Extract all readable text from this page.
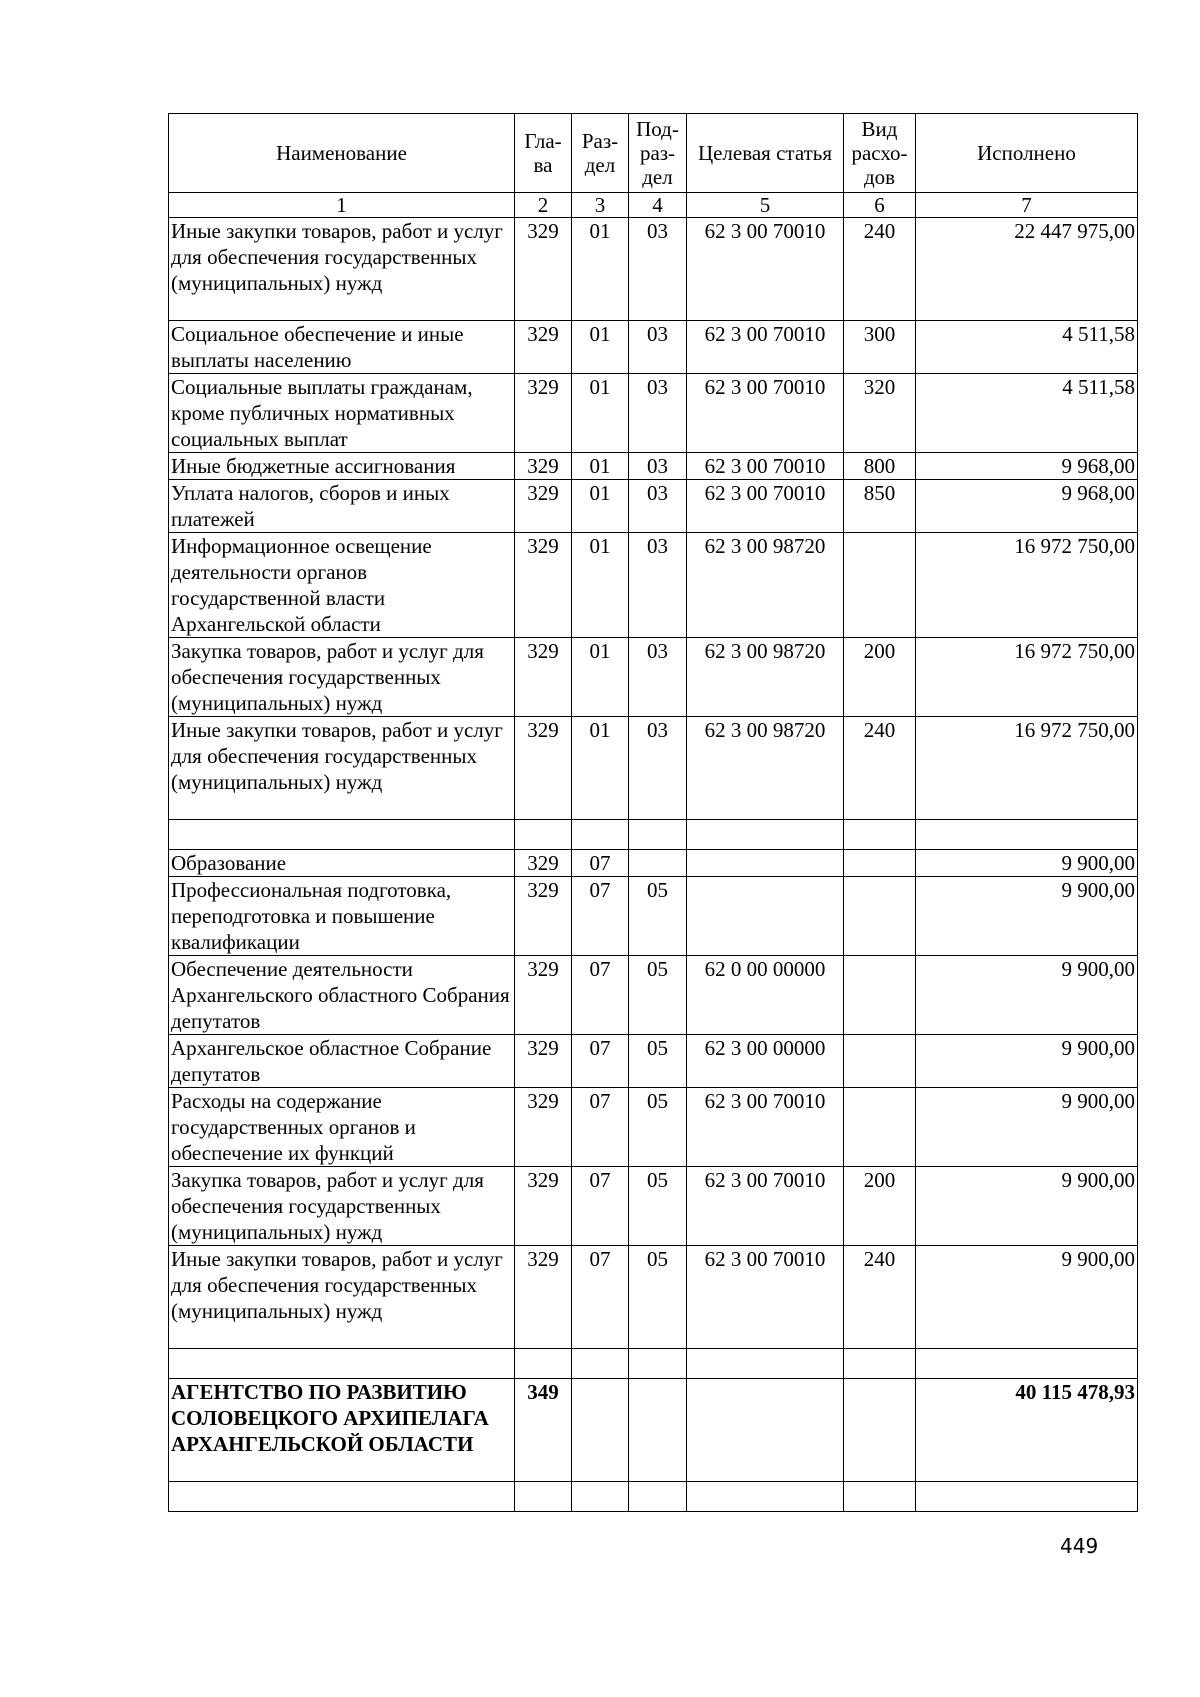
Наименование	Гла-ва	Раз-дел	Под-раз-дел	Целевая статья	Вид расхо-дов	Исполнено
1	2	3	4	5	6	7
Иные закупки товаров, работ и услуг для обеспечения государственных (муниципальных) нужд	329	01	03	62 3 00 70010	240	22 447 975,00
Социальное обеспечение и иные выплаты населению	329	01	03	62 3 00 70010	300	4 511,58
Социальные выплаты гражданам, кроме публичных нормативных социальных выплат	329	01	03	62 3 00 70010	320	4 511,58
Иные бюджетные ассигнования	329	01	03	62 3 00 70010	800	9 968,00
Уплата налогов, сборов и иных платежей	329	01	03	62 3 00 70010	850	9 968,00
Информационное освещение деятельности органов государственной власти Архангельской области	329	01	03	62 3 00 98720		16 972 750,00
Закупка товаров, работ и услуг для обеспечения государственных (муниципальных) нужд	329	01	03	62 3 00 98720	200	16 972 750,00
Иные закупки товаров, работ и услуг для обеспечения государственных (муниципальных) нужд	329	01	03	62 3 00 98720	240	16 972 750,00

Образование	329	07				9 900,00
Профессиональная подготовка, переподготовка и повышение квалификации	329	07	05			9 900,00
Обеспечение деятельности Архангельского областного Собрания депутатов	329	07	05	62 0 00 00000		9 900,00
Архангельское областное Собрание депутатов	329	07	05	62 3 00 00000		9 900,00
Расходы на содержание государственных органов и обеспечение их функций	329	07	05	62 3 00 70010		9 900,00
Закупка товаров, работ и услуг для обеспечения государственных (муниципальных) нужд	329	07	05	62 3 00 70010	200	9 900,00
Иные закупки товаров, работ и услуг для обеспечения государственных (муниципальных) нужд	329	07	05	62 3 00 70010	240	9 900,00

АГЕНТСТВО ПО РАЗВИТИЮ СОЛОВЕЦКОГО АРХИПЕЛАГА АРХАНГЕЛЬСКОЙ ОБЛАСТИ	349					40 115 478,93

449
